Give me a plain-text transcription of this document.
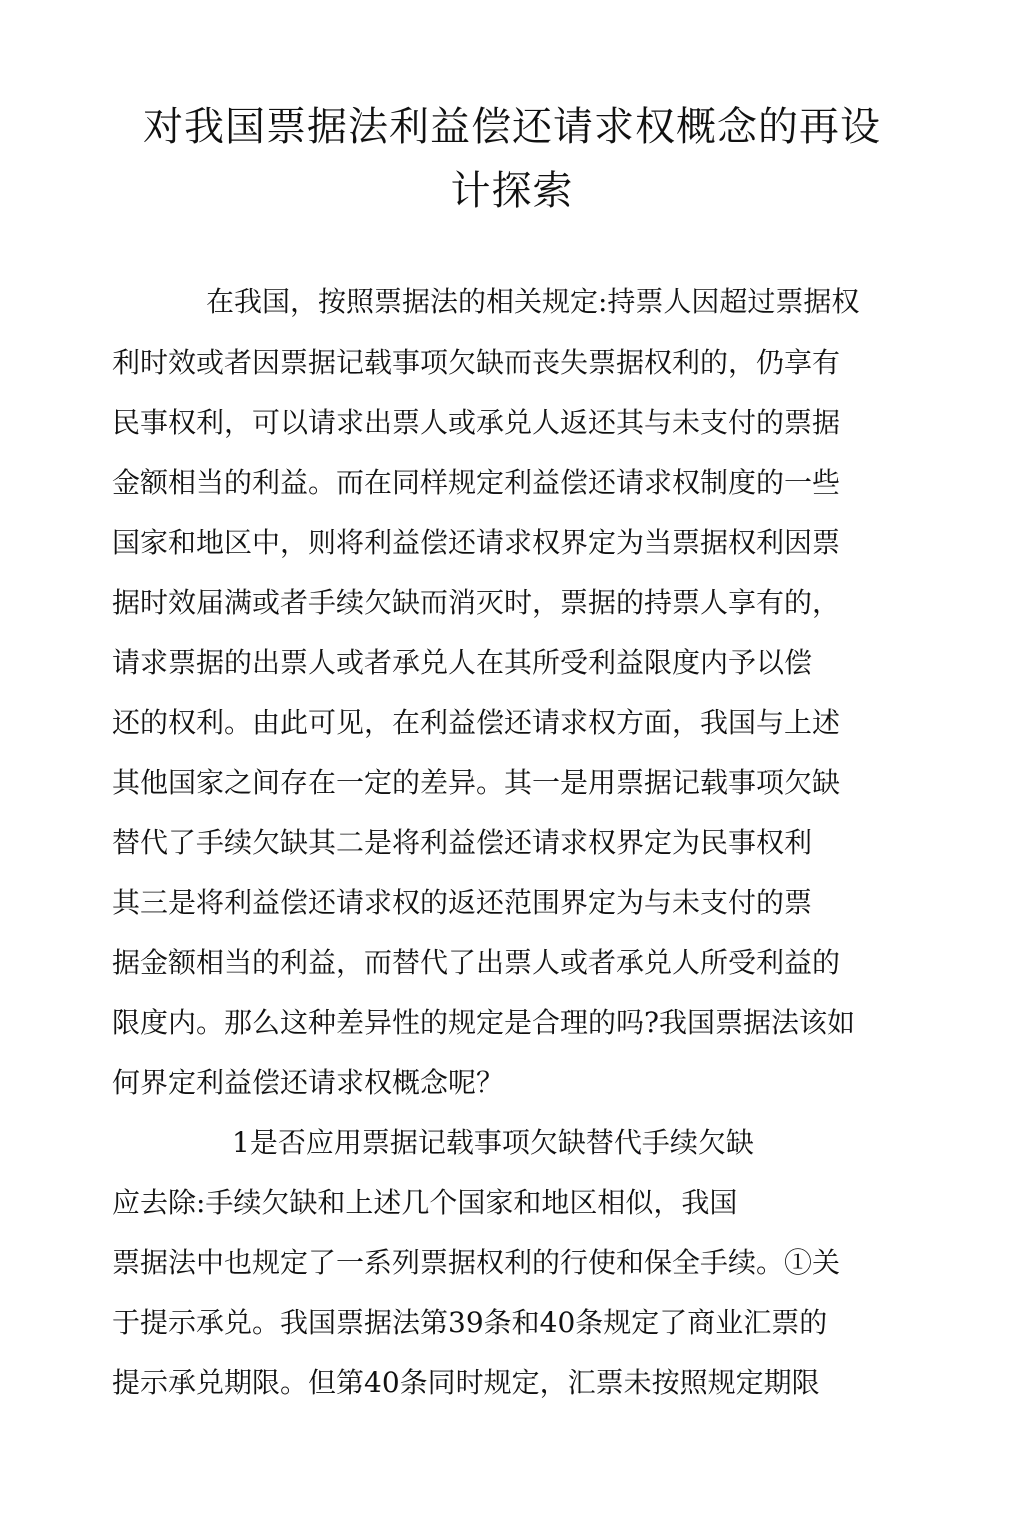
对我国票据法利益偿还请求权概念的再设
计探索

在我国，按照票据法的相关规定:持票人因超过票据权

利时效或者因票据记载事项欠缺而丧失票据权利的，仍享有

民事权利，可以请求出票人或承兑人返还其与未支付的票据

金额相当的利益。而在同样规定利益偿还请求权制度的一些

国家和地区中，则将利益偿还请求权界定为当票据权利因票

据时效届满或者手续欠缺而消灭时，票据的持票人享有的，

请求票据的出票人或者承兑人在其所受利益限度内予以偿

还的权利。由此可见，在利益偿还请求权方面，我国与上述

其他国家之间存在一定的差异。其一是用票据记载事项欠缺

替代了手续欠缺其二是将利益偿还请求权界定为民事权利

其三是将利益偿还请求权的返还范围界定为与未支付的票

据金额相当的利益，而替代了出票人或者承兑人所受利益的

限度内。那么这种差异性的规定是合理的吗?我国票据法该如

何界定利益偿还请求权概念呢？

1是否应用票据记载事项欠缺替代手续欠缺

应去除:手续欠缺和上述几个国家和地区相似，我国

票据法中也规定了一系列票据权利的行使和保全手续。①关

于提示承兑。我国票据法第39条和40条规定了商业汇票的

提示承兑期限。但第40条同时规定，汇票未按照规定期限
